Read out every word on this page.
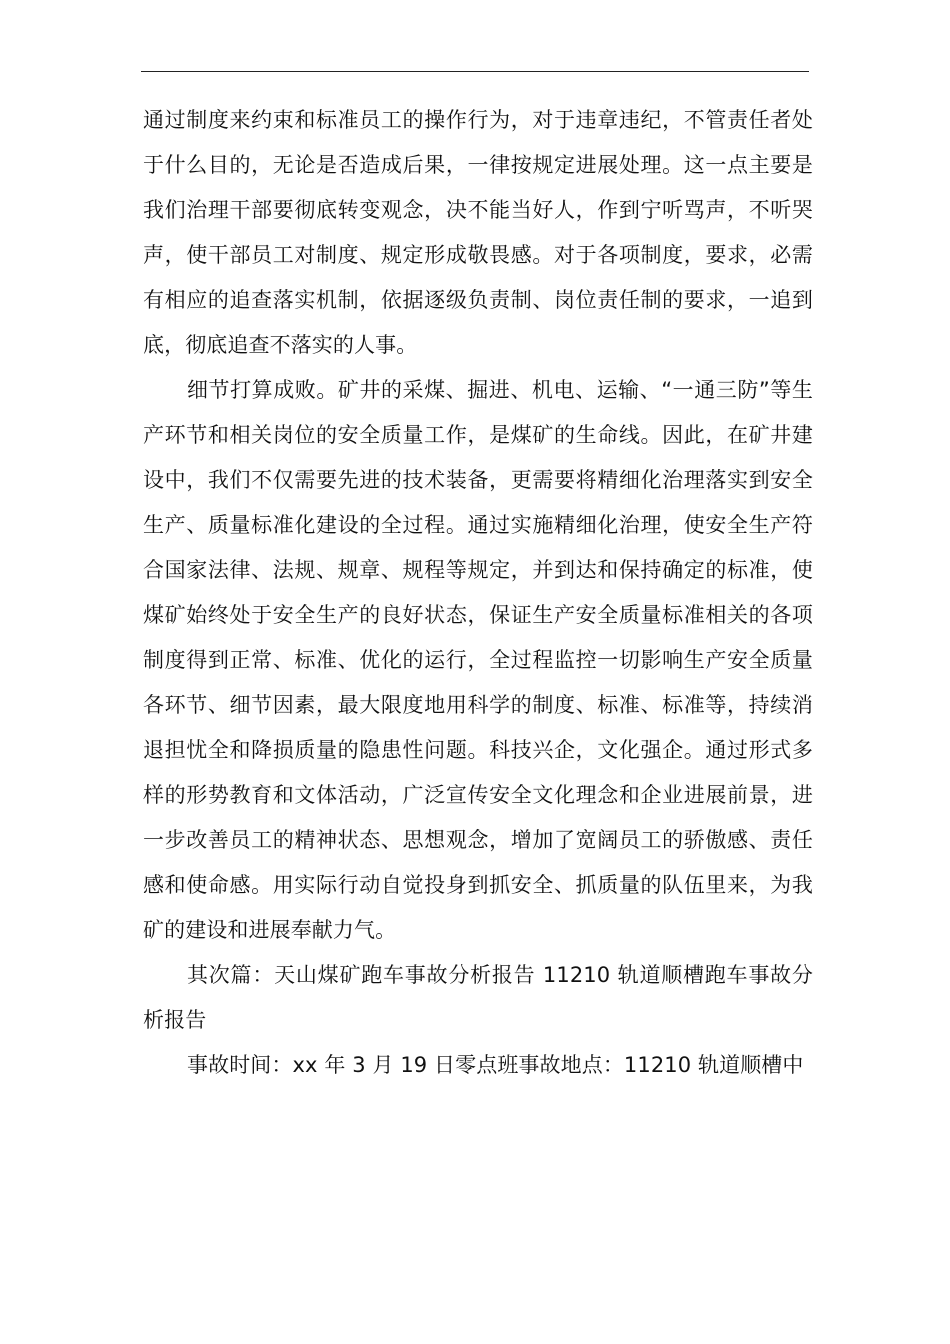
通过制度来约束和标准员工的操作行为，对于违章违纪，不管责任者处于什么目的，无论是否造成后果，一律按规定进展处理。这一点主要是我们治理干部要彻底转变观念，决不能当好人，作到宁听骂声，不听哭声，使干部员工对制度、规定形成敬畏感。对于各项制度，要求，必需有相应的追查落实机制，依据逐级负责制、岗位责任制的要求，一追到底，彻底追查不落实的人事。

细节打算成败。矿井的采煤、掘进、机电、运输、“一通三防”等生产环节和相关岗位的安全质量工作，是煤矿的生命线。因此，在矿井建设中，我们不仅需要先进的技术装备，更需要将精细化治理落实到安全生产、质量标准化建设的全过程。通过实施精细化治理，使安全生产符合国家法律、法规、规章、规程等规定，并到达和保持确定的标准，使煤矿始终处于安全生产的良好状态，保证生产安全质量标准相关的各项制度得到正常、标准、优化的运行，全过程监控一切影响生产安全质量各环节、细节因素，最大限度地用科学的制度、标准、标准等，持续消退担忧全和降损质量的隐患性问题。科技兴企，文化强企。通过形式多样的形势教育和文体活动，广泛宣传安全文化理念和企业进展前景，进一步改善员工的精神状态、思想观念，增加了宽阔员工的骄傲感、责任感和使命感。用实际行动自觉投身到抓安全、抓质量的队伍里来，为我矿的建设和进展奉献力气。

其次篇：天山煤矿跑车事故分析报告 11210 轨道顺槽跑车事故分析报告

事故时间：xx 年 3 月 19 日零点班事故地点：11210 轨道顺槽中
